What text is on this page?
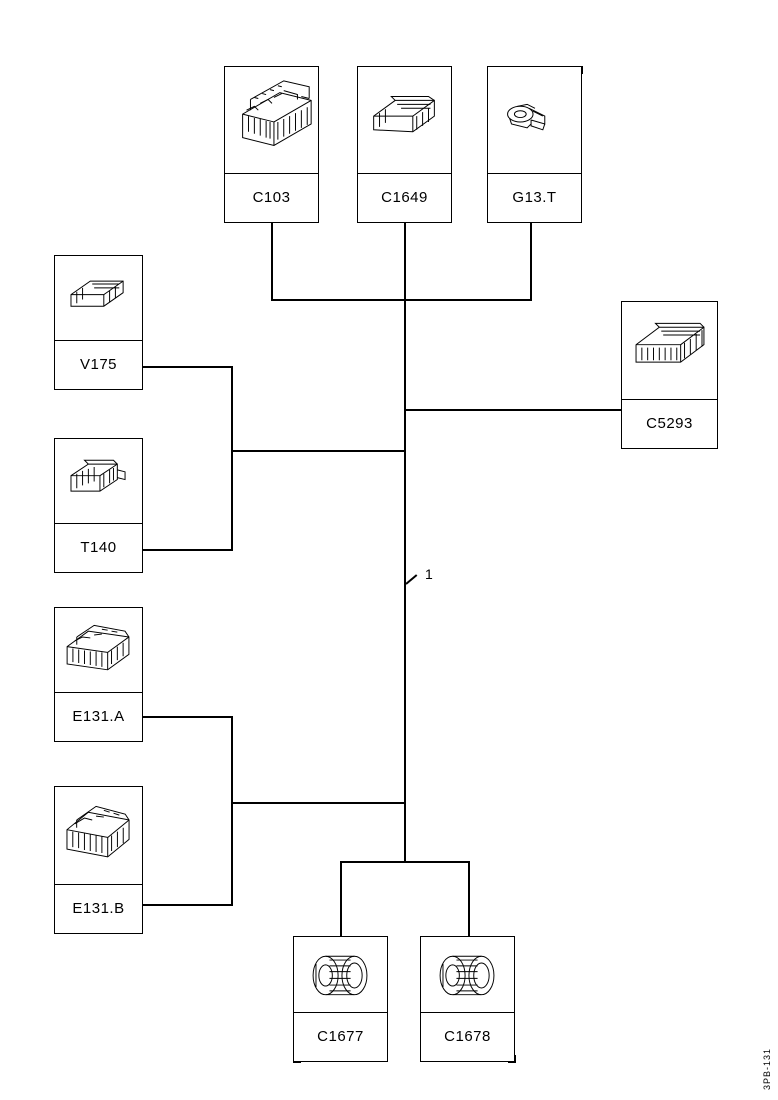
1
C103	C1649	G13.T
V175
T140
E131.A
E131.B
C5293
C1677	C1678
3PB-131
